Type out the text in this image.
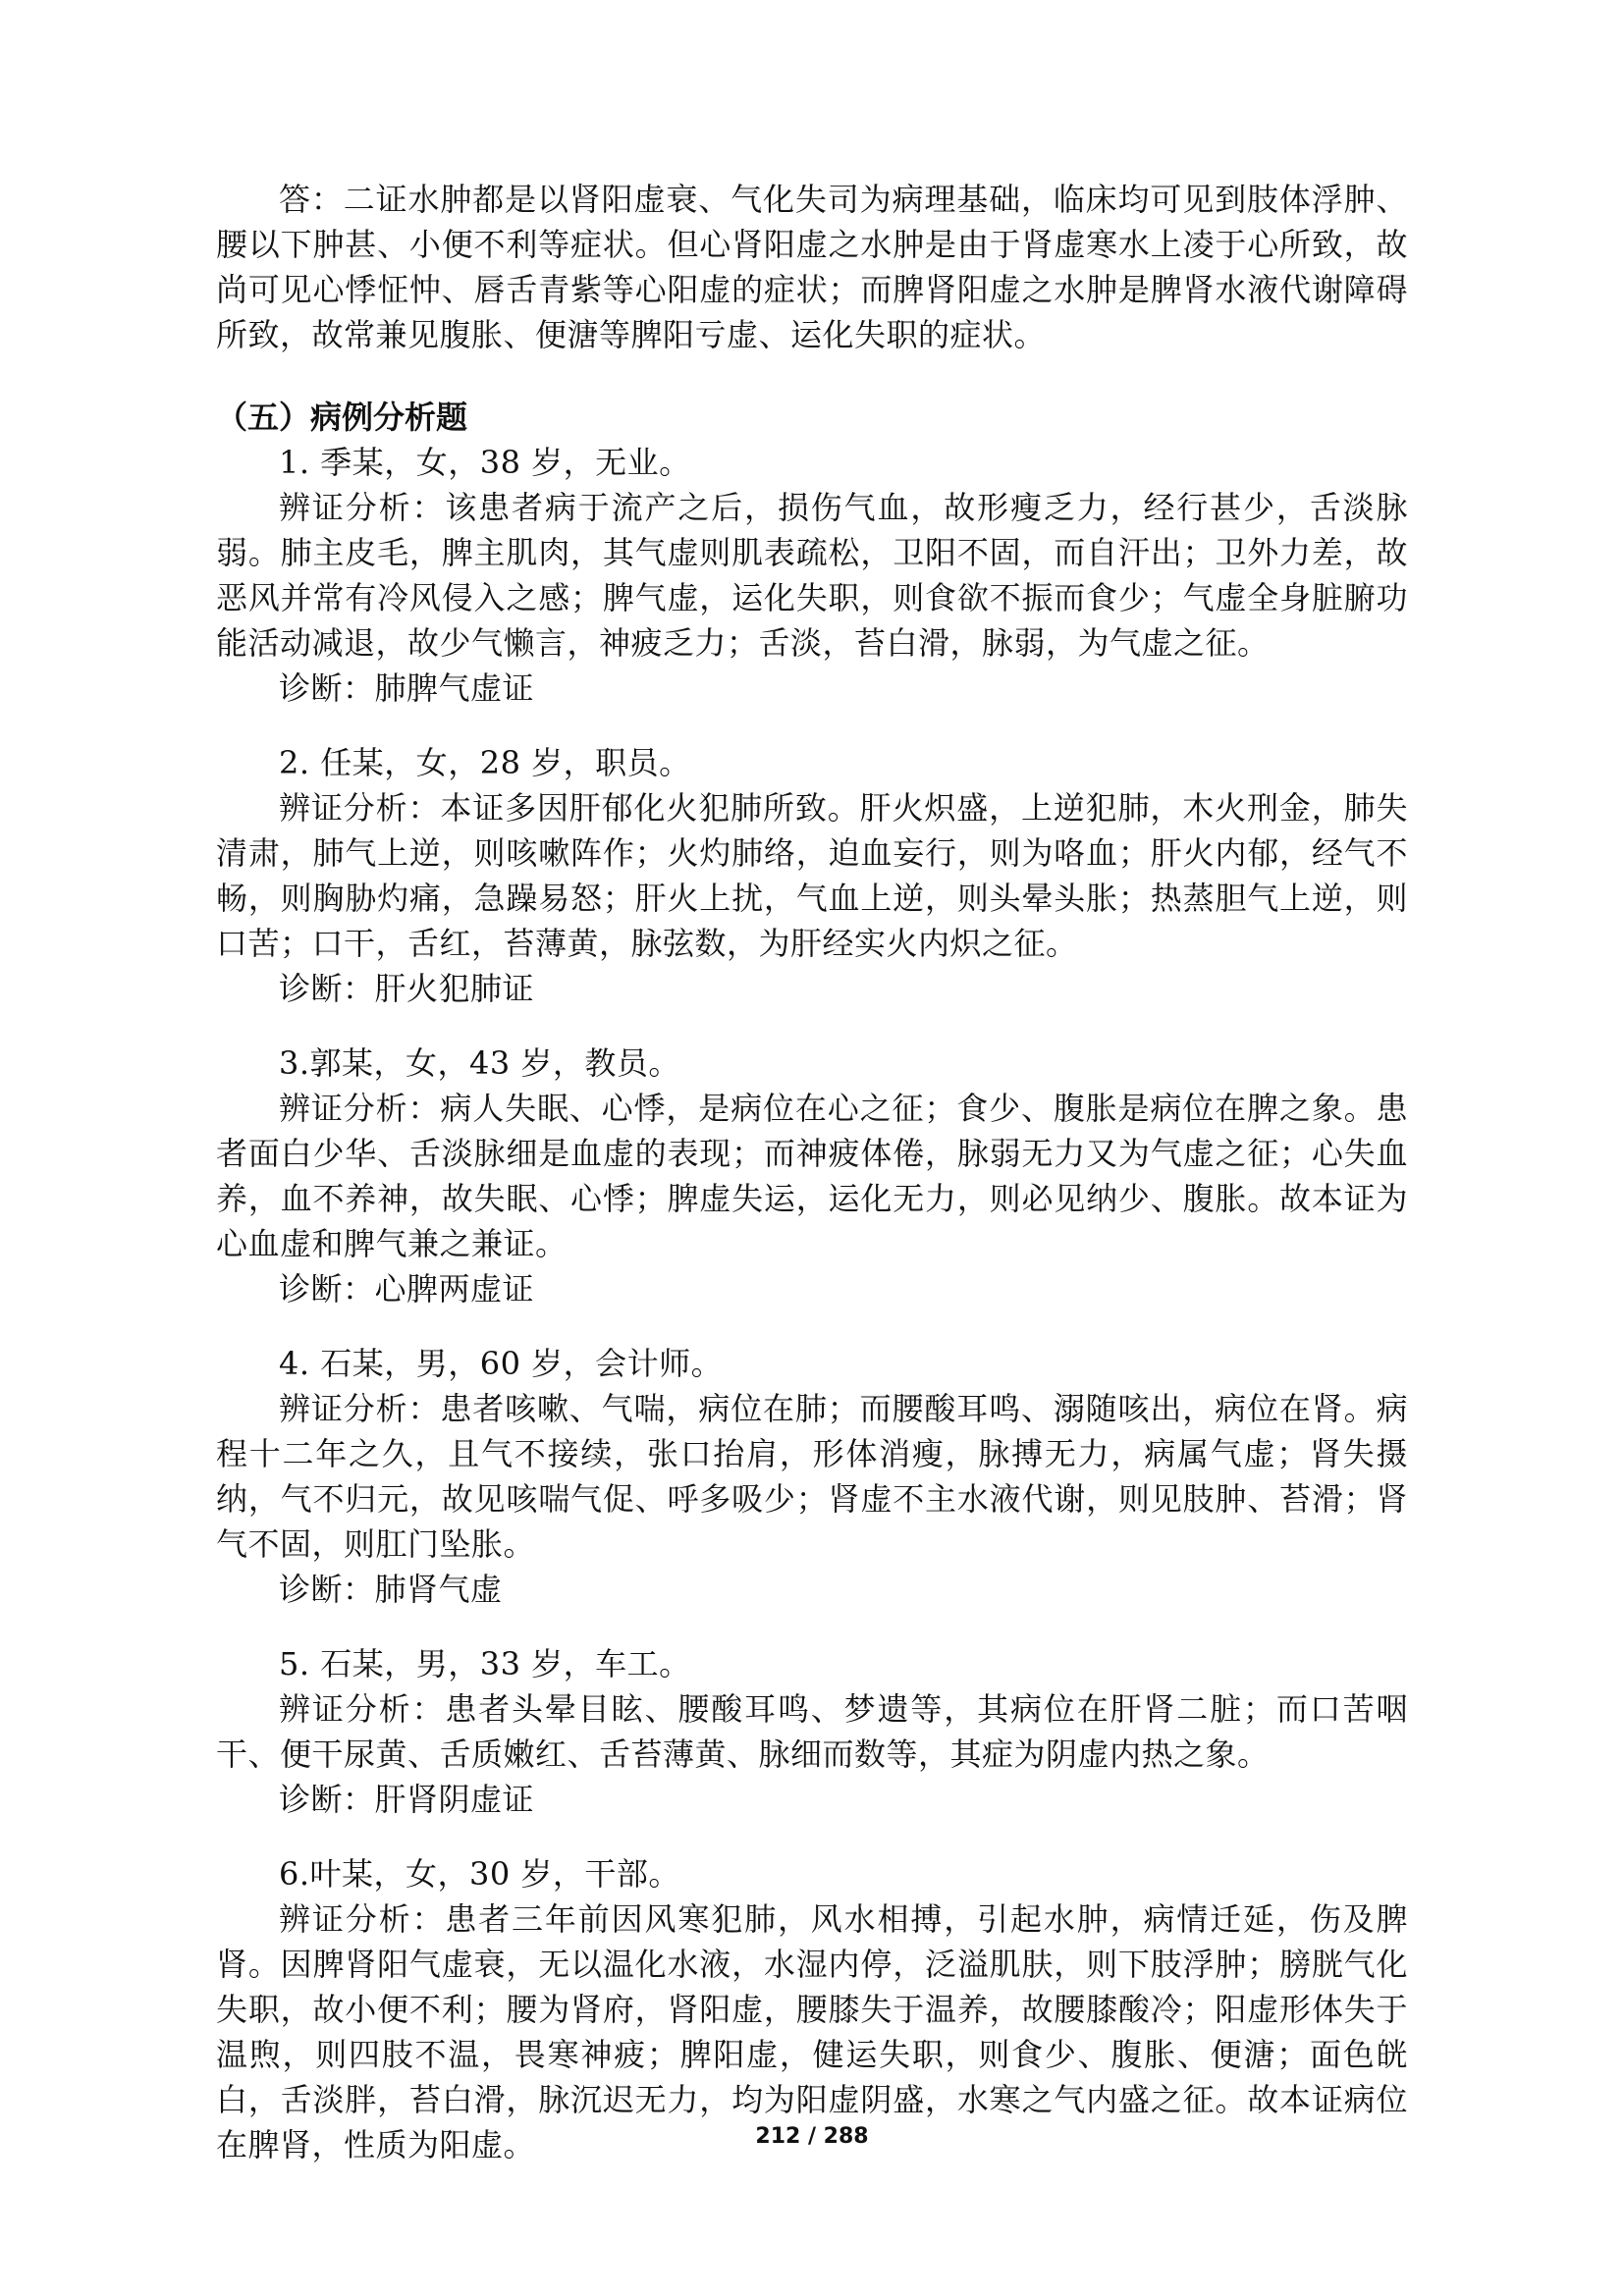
答：二证水肿都是以肾阳虚衰、气化失司为病理基础，临床均可见到肢体浮肿、腰以下肿甚、小便不利等症状。但心肾阳虚之水肿是由于肾虚寒水上凌于心所致，故尚可见心悸怔忡、唇舌青紫等心阳虚的症状；而脾肾阳虚之水肿是脾肾水液代谢障碍所致，故常兼见腹胀、便溏等脾阳亏虚、运化失职的症状。

（五）病例分析题

1. 季某，女，38 岁，无业。

辨证分析：该患者病于流产之后，损伤气血，故形瘦乏力，经行甚少，舌淡脉弱。肺主皮毛，脾主肌肉，其气虚则肌表疏松，卫阳不固，而自汗出；卫外力差，故恶风并常有冷风侵入之感；脾气虚，运化失职，则食欲不振而食少；气虚全身脏腑功能活动减退，故少气懒言，神疲乏力；舌淡，苔白滑，脉弱，为气虚之征。

诊断：肺脾气虚证

2. 任某，女，28 岁，职员。

辨证分析：本证多因肝郁化火犯肺所致。肝火炽盛，上逆犯肺，木火刑金，肺失清肃，肺气上逆，则咳嗽阵作；火灼肺络，迫血妄行，则为咯血；肝火内郁，经气不畅，则胸胁灼痛，急躁易怒；肝火上扰，气血上逆，则头晕头胀；热蒸胆气上逆，则口苦；口干，舌红，苔薄黄，脉弦数，为肝经实火内炽之征。

诊断：肝火犯肺证

3.郭某，女，43 岁，教员。

辨证分析：病人失眠、心悸，是病位在心之征；食少、腹胀是病位在脾之象。患者面白少华、舌淡脉细是血虚的表现；而神疲体倦，脉弱无力又为气虚之征；心失血养，血不养神，故失眠、心悸；脾虚失运，运化无力，则必见纳少、腹胀。故本证为心血虚和脾气兼之兼证。

诊断：心脾两虚证

4. 石某，男，60 岁，会计师。

辨证分析：患者咳嗽、气喘，病位在肺；而腰酸耳鸣、溺随咳出，病位在肾。病程十二年之久，且气不接续，张口抬肩，形体消瘦，脉搏无力，病属气虚；肾失摄纳，气不归元，故见咳喘气促、呼多吸少；肾虚不主水液代谢，则见肢肿、苔滑；肾气不固，则肛门坠胀。

诊断：肺肾气虚

5. 石某，男，33 岁，车工。

辨证分析：患者头晕目眩、腰酸耳鸣、梦遗等，其病位在肝肾二脏；而口苦咽干、便干尿黄、舌质嫩红、舌苔薄黄、脉细而数等，其症为阴虚内热之象。

诊断：肝肾阴虚证

6.叶某，女，30 岁，干部。

辨证分析：患者三年前因风寒犯肺，风水相搏，引起水肿，病情迁延，伤及脾肾。因脾肾阳气虚衰，无以温化水液，水湿内停，泛溢肌肤，则下肢浮肿；膀胱气化失职，故小便不利；腰为肾府，肾阳虚，腰膝失于温养，故腰膝酸冷；阳虚形体失于温煦，则四肢不温，畏寒神疲；脾阳虚，健运失职，则食少、腹胀、便溏；面色㿠白，舌淡胖，苔白滑，脉沉迟无力，均为阳虚阴盛，水寒之气内盛之征。故本证病位在脾肾，性质为阳虚。	212 / 288
